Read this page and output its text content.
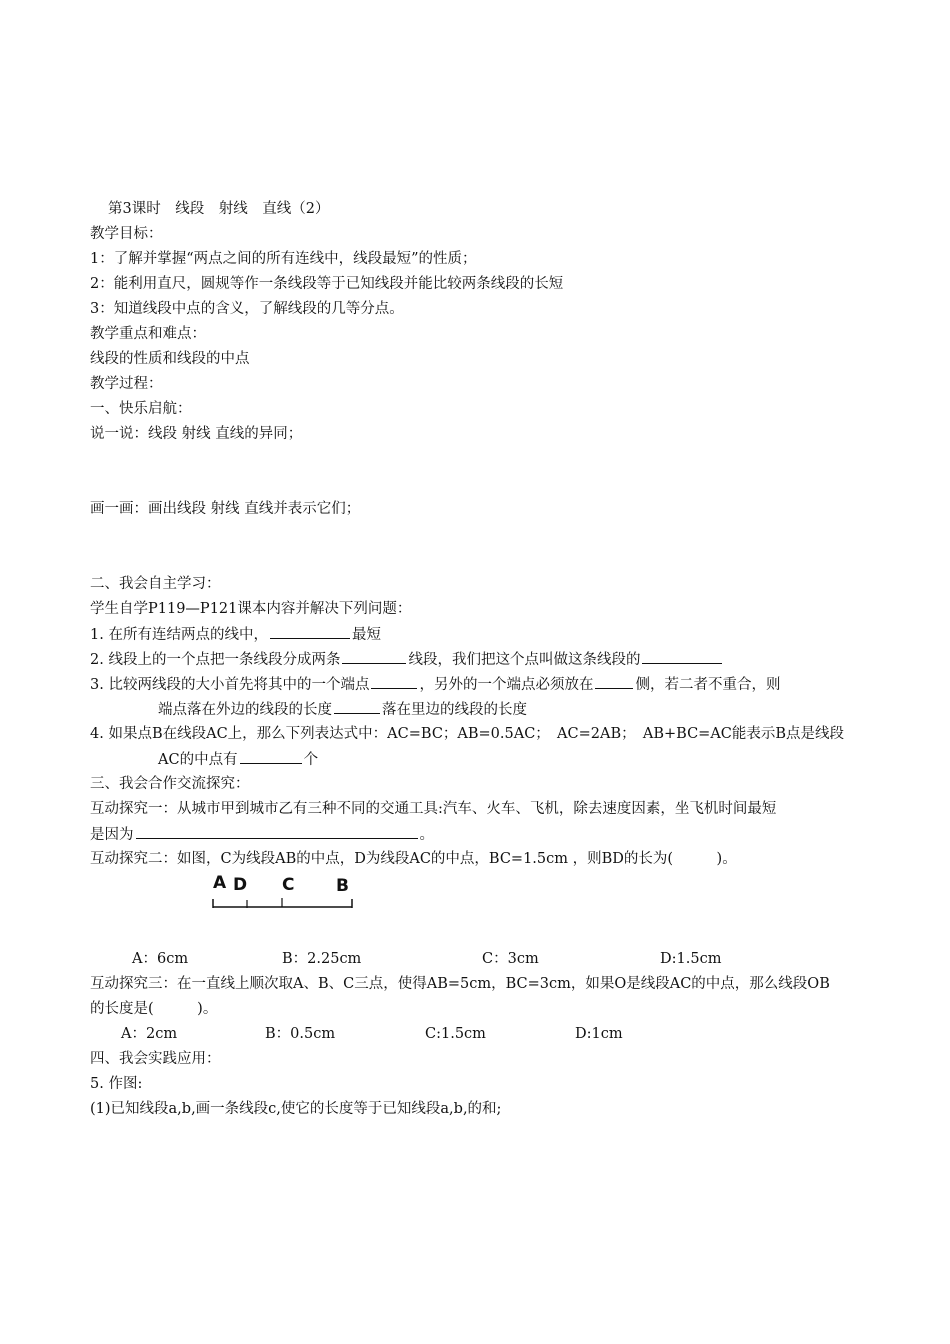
第3课时　线段　射线　直线（2）
教学目标：
1：了解并掌握“两点之间的所有连线中，线段最短”的性质；
2：能利用直尺，圆规等作一条线段等于已知线段并能比较两条线段的长短
3：知道线段中点的含义，了解线段的几等分点。
教学重点和难点：
线段的性质和线段的中点
教学过程：
一、快乐启航：
说一说：线段 射线 直线的异同；
画一画：画出线段 射线 直线并表示它们；
二、我会自主学习：
学生自学P119—P121课本内容并解决下列问题：
1. 在所有连结两点的线中，	最短
2. 线段上的一个点把一条线段分成两条	线段，我们把这个点叫做这条线段的
3. 比较两线段的大小首先将其中的一个端点	，另外的一个端点必须放在	侧，若二者不重合，则
端点落在外边的线段的长度	落在里边的线段的长度
4. 如果点B在线段AC上，那么下列表达式中：AC=BC；AB=0.5AC；　AC=2AB；　AB+BC=AC能表示B点是线段
AC的中点有	个
三、我会合作交流探究：
互动探究一：从城市甲到城市乙有三种不同的交通工具:汽车、火车、飞机，除去速度因素，坐飞机时间最短
是因为	。
互动探究二：如图，C为线段AB的中点，D为线段AC的中点，BC=1.5cm ，则BD的长为(　　　)。
A D C B
A：6cm	B：2.25cm	C：3cm	D:1.5cm
互动探究三：在一直线上顺次取A、B、C三点，使得AB=5cm，BC=3cm，如果O是线段AC的中点，那么线段OB
的长度是(　　　)。
A：2cm	B：0.5cm	C:1.5cm	D:1cm
四、我会实践应用：
5. 作图:
(1)已知线段a,b,画一条线段c,使它的长度等于已知线段a,b,的和;
